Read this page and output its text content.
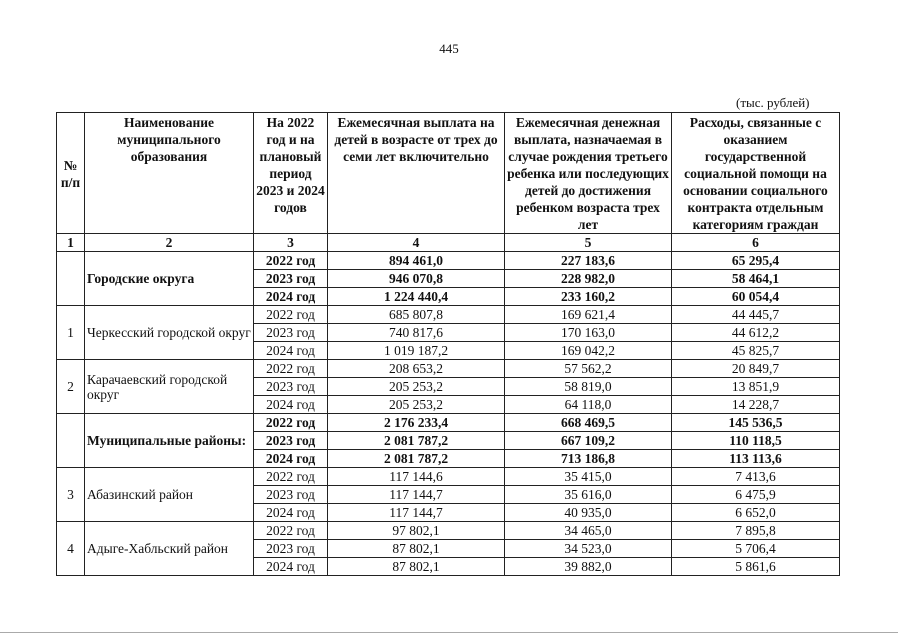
445
(тыс. рублей)
№ п/п	Наименование муниципального образования	На 2022 год и на плановый период 2023 и 2024 годов	Ежемесячная выплата на детей в возрасте от трех до семи лет включительно	Ежемесячная денежная выплата, назначаемая в случае рождения третьего ребенка или последующих детей до достижения ребенком возраста трех лет	Расходы, связанные с оказанием государственной социальной помощи на основании социального контракта отдельным категориям граждан
1	2	3	4	5	6
	Городские округа	2022 год	894 461,0	227 183,6	65 295,4
		2023 год	946 070,8	228 982,0	58 464,1
		2024 год	1 224 440,4	233 160,2	60 054,4
1	Черкесский городской округ	2022 год	685 807,8	169 621,4	44 445,7
		2023 год	740 817,6	170 163,0	44 612,2
		2024 год	1 019 187,2	169 042,2	45 825,7
2	Карачаевский городской округ	2022 год	208 653,2	57 562,2	20 849,7
		2023 год	205 253,2	58 819,0	13 851,9
		2024 год	205 253,2	64 118,0	14 228,7
	Муниципальные районы:	2022 год	2 176 233,4	668 469,5	145 536,5
		2023 год	2 081 787,2	667 109,2	110 118,5
		2024 год	2 081 787,2	713 186,8	113 113,6
3	Абазинский район	2022 год	117 144,6	35 415,0	7 413,6
		2023 год	117 144,7	35 616,0	6 475,9
		2024 год	117 144,7	40 935,0	6 652,0
4	Адыге-Хабльский район	2022 год	97 802,1	34 465,0	7 895,8
		2023 год	87 802,1	34 523,0	5 706,4
		2024 год	87 802,1	39 882,0	5 861,6
